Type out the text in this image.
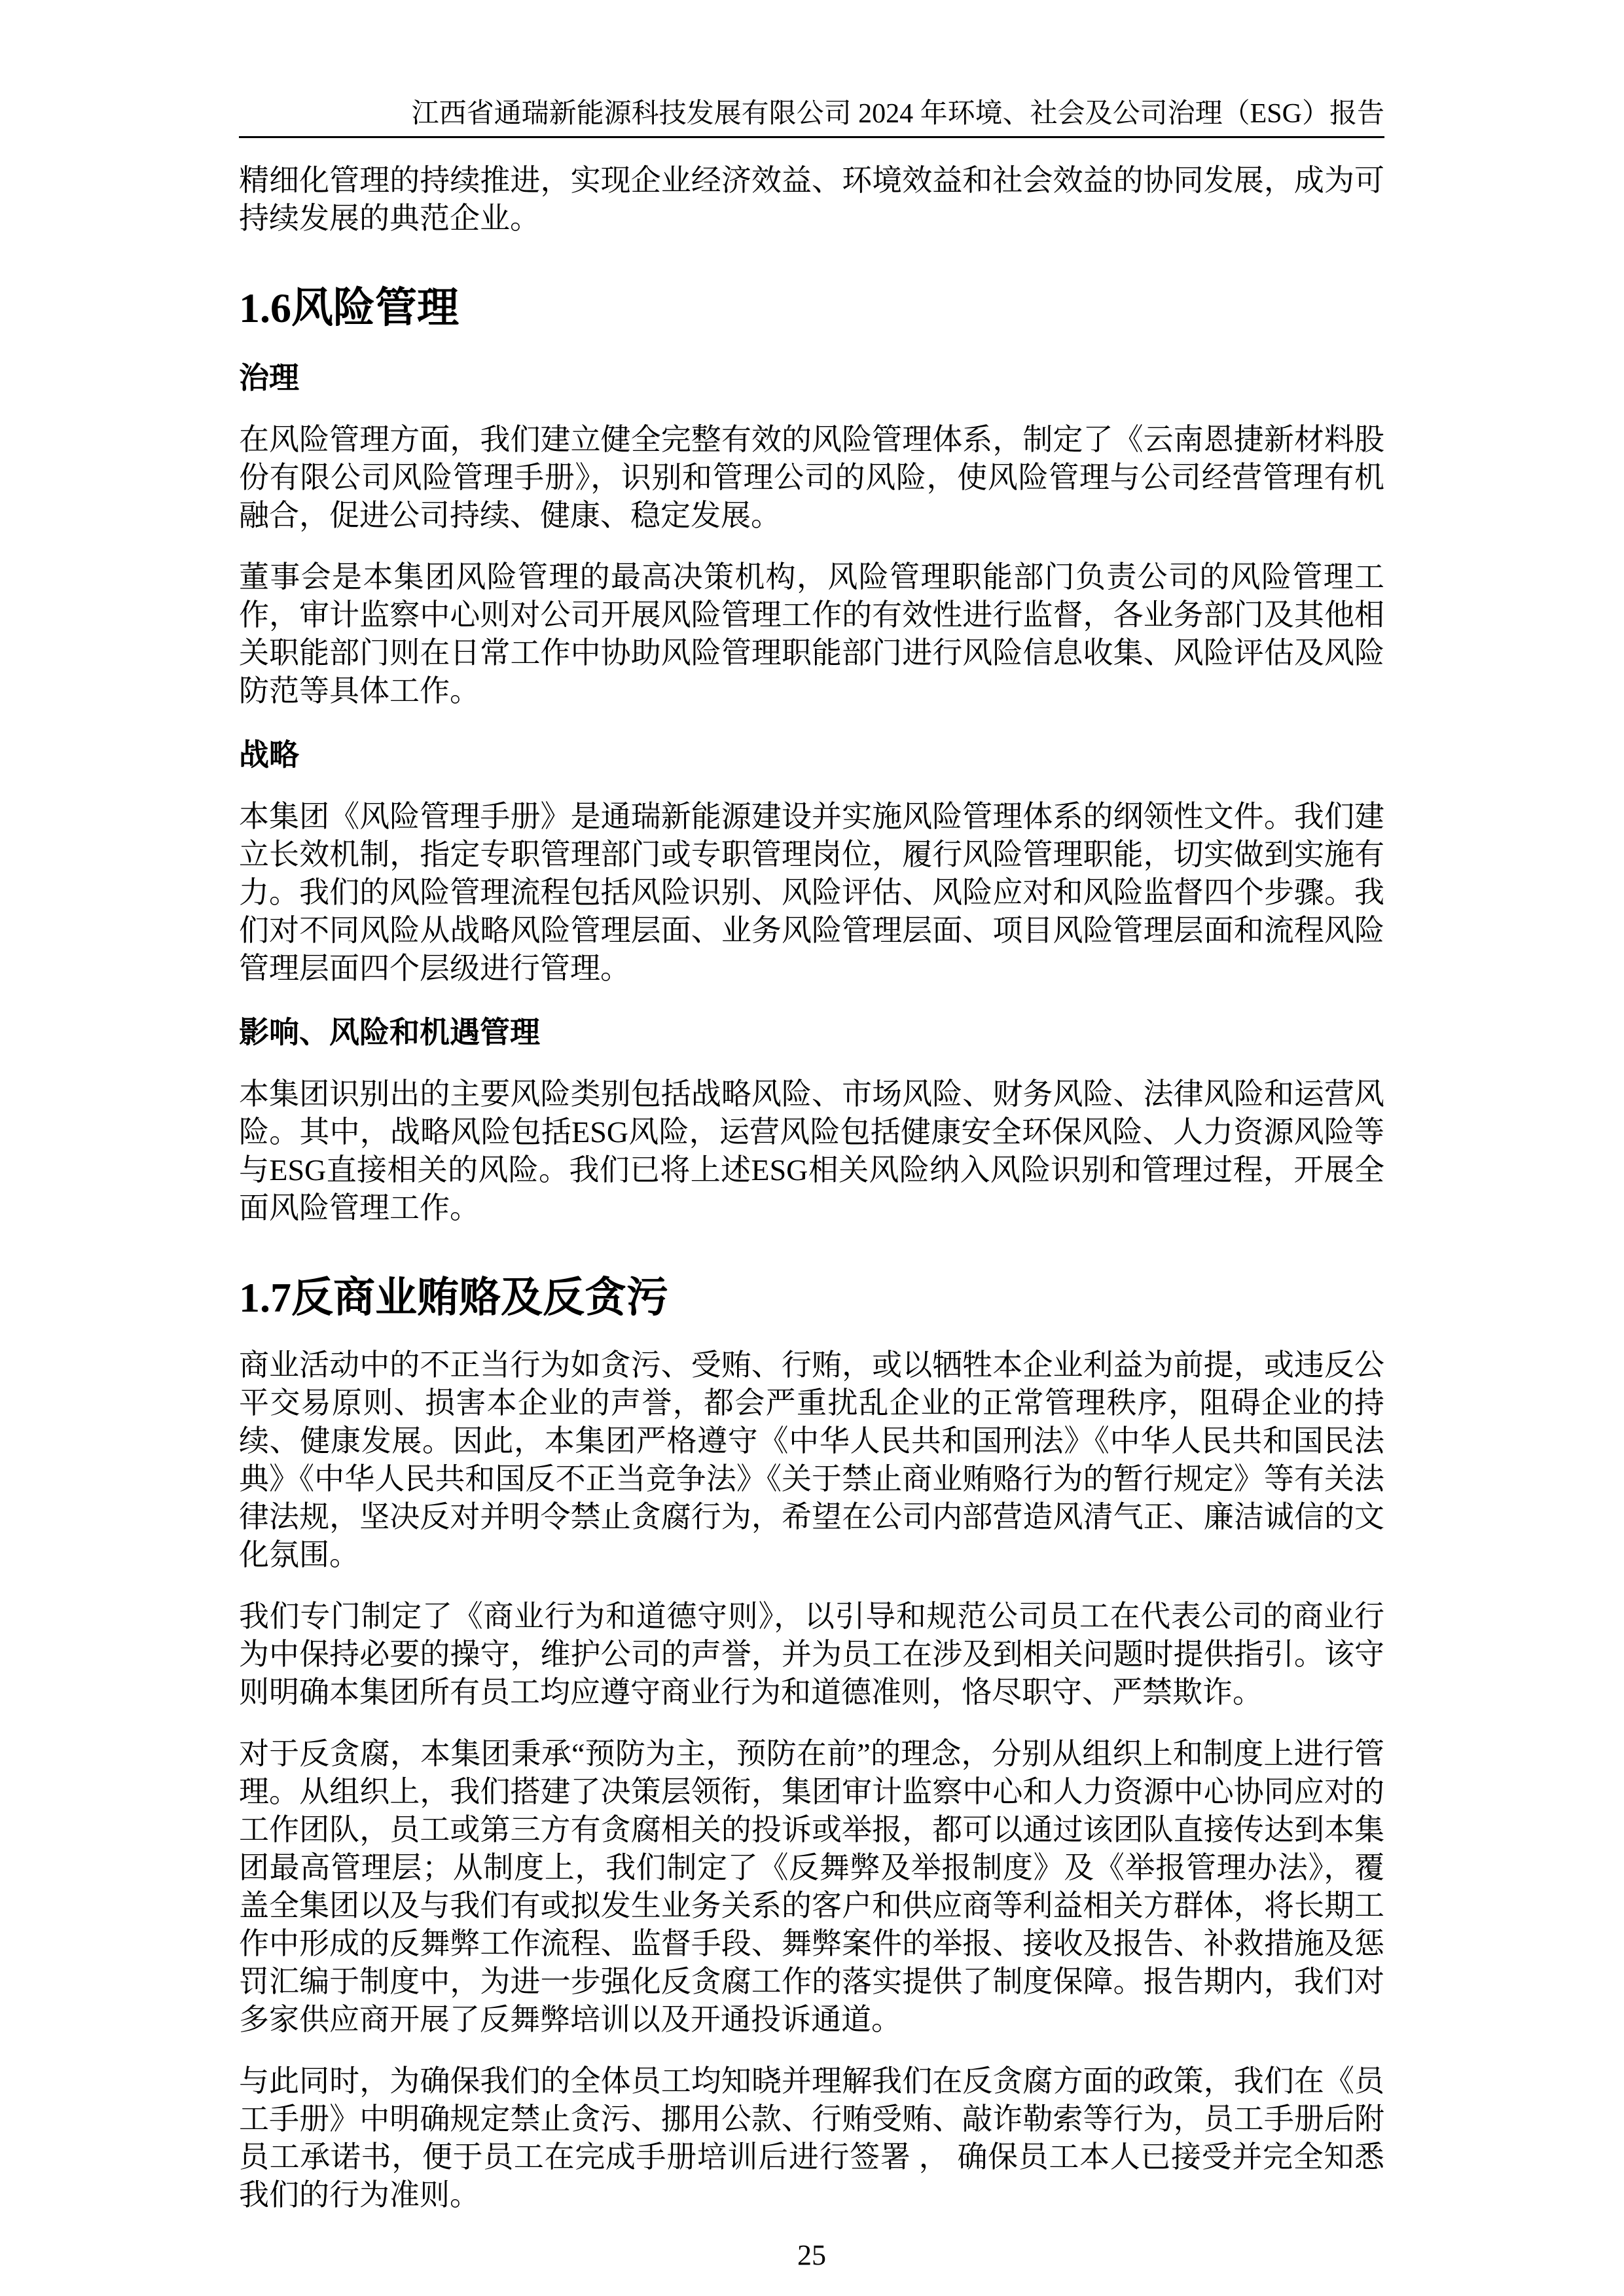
江西省通瑞新能源科技发展有限公司 2024 年环境、社会及公司治理（ESG）报告

精细化管理的持续推进，实现企业经济效益、环境效益和社会效益的协同发展，成为可持续发展的典范企业。

1.6风险管理
治理

在风险管理方面，我们建立健全完整有效的风险管理体系，制定了《云南恩捷新材料股份有限公司风险管理手册》，识别和管理公司的风险，使风险管理与公司经营管理有机融合，促进公司持续、健康、稳定发展。

董事会是本集团风险管理的最高决策机构，风险管理职能部门负责公司的风险管理工作，审计监察中心则对公司开展风险管理工作的有效性进行监督，各业务部门及其他相关职能部门则在日常工作中协助风险管理职能部门进行风险信息收集、风险评估及风险防范等具体工作。

战略

本集团《风险管理手册》是通瑞新能源建设并实施风险管理体系的纲领性文件。我们建立长效机制，指定专职管理部门或专职管理岗位，履行风险管理职能，切实做到实施有力。我们的风险管理流程包括风险识别、风险评估、风险应对和风险监督四个步骤。我们对不同风险从战略风险管理层面、业务风险管理层面、项目风险管理层面和流程风险管理层面四个层级进行管理。

影响、风险和机遇管理

本集团识别出的主要风险类别包括战略风险、市场风险、财务风险、法律风险和运营风险。其中，战略风险包括ESG风险，运营风险包括健康安全环保风险、人力资源风险等与ESG直接相关的风险。我们已将上述ESG相关风险纳入风险识别和管理过程，开展全面风险管理工作。

1.7反商业贿赂及反贪污

商业活动中的不正当行为如贪污、受贿、行贿，或以牺牲本企业利益为前提，或违反公平交易原则、损害本企业的声誉，都会严重扰乱企业的正常管理秩序，阻碍企业的持续、健康发展。因此，本集团严格遵守《中华人民共和国刑法》《中华人民共和国民法典》《中华人民共和国反不正当竞争法》《关于禁止商业贿赂行为的暂行规定》等有关法律法规，坚决反对并明令禁止贪腐行为，希望在公司内部营造风清气正、廉洁诚信的文化氛围。

我们专门制定了《商业行为和道德守则》，以引导和规范公司员工在代表公司的商业行为中保持必要的操守，维护公司的声誉，并为员工在涉及到相关问题时提供指引。该守则明确本集团所有员工均应遵守商业行为和道德准则，恪尽职守、严禁欺诈。

对于反贪腐，本集团秉承“预防为主，预防在前”的理念，分别从组织上和制度上进行管理。从组织上，我们搭建了决策层领衔，集团审计监察中心和人力资源中心协同应对的工作团队，员工或第三方有贪腐相关的投诉或举报，都可以通过该团队直接传达到本集团最高管理层；从制度上，我们制定了《反舞弊及举报制度》及《举报管理办法》，覆盖全集团以及与我们有或拟发生业务关系的客户和供应商等利益相关方群体，将长期工作中形成的反舞弊工作流程、监督手段、舞弊案件的举报、接收及报告、补救措施及惩罚汇编于制度中，为进一步强化反贪腐工作的落实提供了制度保障。报告期内，我们对多家供应商开展了反舞弊培训以及开通投诉通道。

与此同时，为确保我们的全体员工均知晓并理解我们在反贪腐方面的政策，我们在《员工手册》中明确规定禁止贪污、挪用公款、行贿受贿、敲诈勒索等行为，员工手册后附员工承诺书，便于员工在完成手册培训后进行签署 ， 确保员工本人已接受并完全知悉我们的行为准则。

25
